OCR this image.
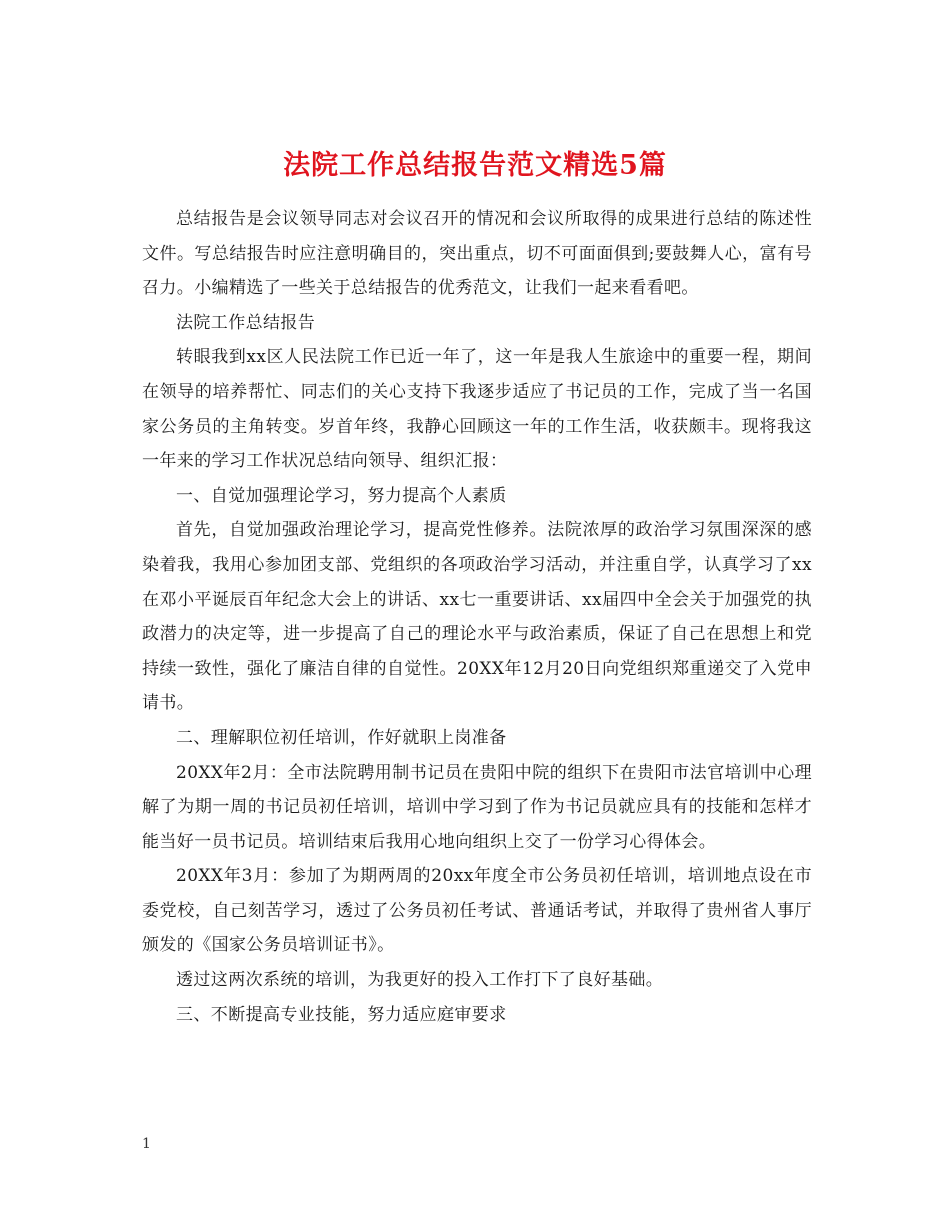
法院工作总结报告范文精选5篇

总结报告是会议领导同志对会议召开的情况和会议所取得的成果进行总结的陈述性文件。写总结报告时应注意明确目的，突出重点，切不可面面俱到;要鼓舞人心，富有号召力。小编精选了一些关于总结报告的优秀范文，让我们一起来看看吧。

法院工作总结报告

转眼我到xx区人民法院工作已近一年了，这一年是我人生旅途中的重要一程，期间在领导的培养帮忙、同志们的关心支持下我逐步适应了书记员的工作，完成了当一名国家公务员的主角转变。岁首年终，我静心回顾这一年的工作生活，收获颇丰。现将我这一年来的学习工作状况总结向领导、组织汇报：

一、自觉加强理论学习，努力提高个人素质

首先，自觉加强政治理论学习，提高党性修养。法院浓厚的政治学习氛围深深的感染着我，我用心参加团支部、党组织的各项政治学习活动，并注重自学，认真学习了xx在邓小平诞辰百年纪念大会上的讲话、xx七一重要讲话、xx届四中全会关于加强党的执政潜力的决定等，进一步提高了自己的理论水平与政治素质，保证了自己在思想上和党持续一致性，强化了廉洁自律的自觉性。20XX年12月20日向党组织郑重递交了入党申请书。

二、理解职位初任培训，作好就职上岗准备

20XX年2月：全市法院聘用制书记员在贵阳中院的组织下在贵阳市法官培训中心理解了为期一周的书记员初任培训，培训中学习到了作为书记员就应具有的技能和怎样才能当好一员书记员。培训结束后我用心地向组织上交了一份学习心得体会。

20XX年3月：参加了为期两周的20xx年度全市公务员初任培训，培训地点设在市委党校，自己刻苦学习，透过了公务员初任考试、普通话考试，并取得了贵州省人事厅颁发的《国家公务员培训证书》。

透过这两次系统的培训，为我更好的投入工作打下了良好基础。

三、不断提高专业技能，努力适应庭审要求

1
